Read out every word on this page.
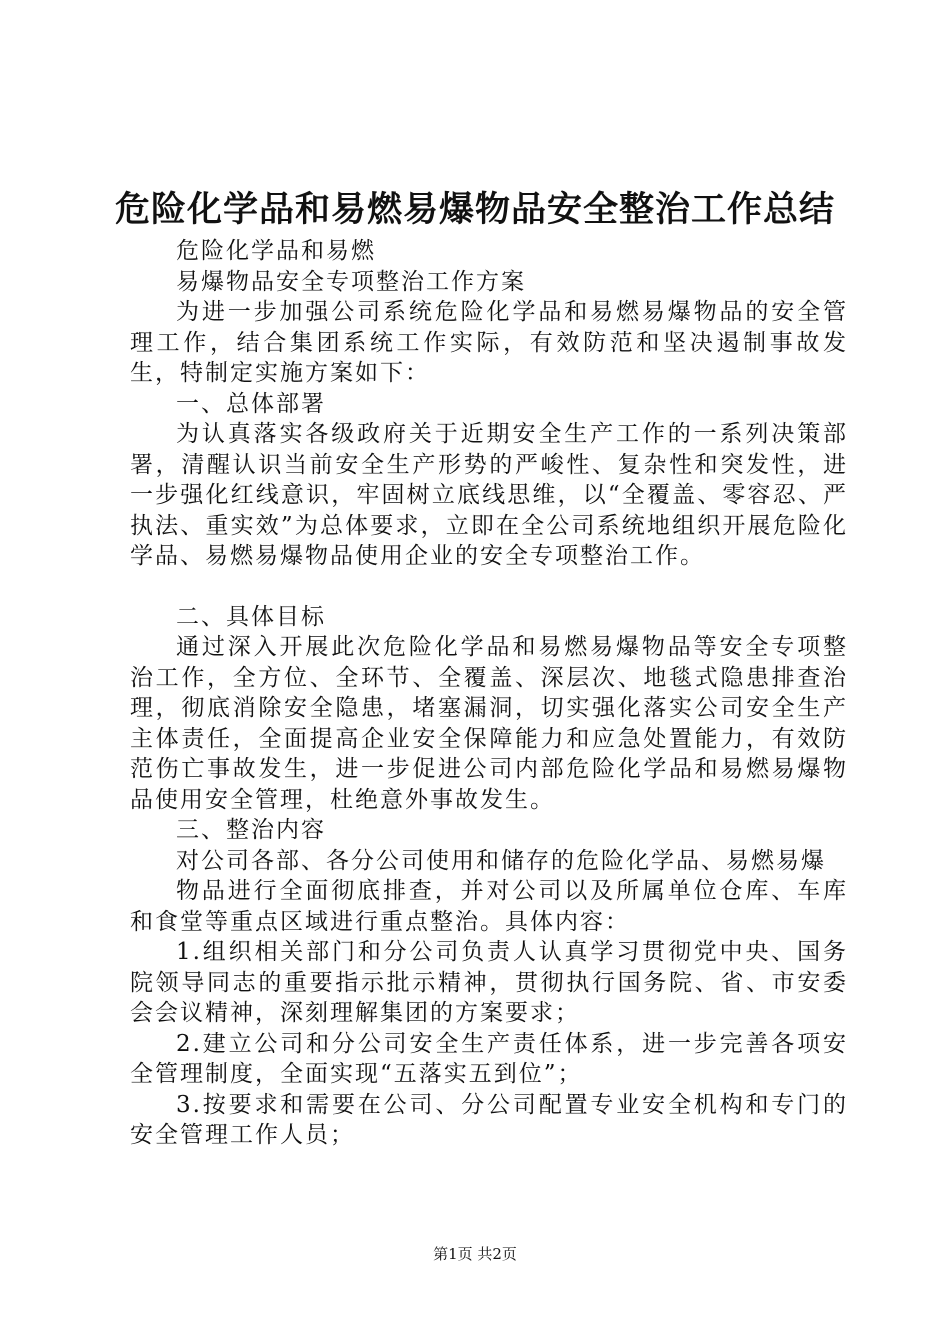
危险化学品和易燃易爆物品安全整治工作总结

危险化学品和易燃

易爆物品安全专项整治工作方案

为进一步加强公司系统危险化学品和易燃易爆物品的安全管理工作，结合集团系统工作实际，有效防范和坚决遏制事故发生，特制定实施方案如下：

一、总体部署

为认真落实各级政府关于近期安全生产工作的一系列决策部署，清醒认识当前安全生产形势的严峻性、复杂性和突发性，进一步强化红线意识，牢固树立底线思维，以“全覆盖、零容忍、严执法、重实效”为总体要求，立即在全公司系统地组织开展危险化学品、易燃易爆物品使用企业的安全专项整治工作。

二、具体目标

通过深入开展此次危险化学品和易燃易爆物品等安全专项整治工作，全方位、全环节、全覆盖、深层次、地毯式隐患排查治理，彻底消除安全隐患，堵塞漏洞，切实强化落实公司安全生产主体责任，全面提高企业安全保障能力和应急处置能力，有效防范伤亡事故发生，进一步促进公司内部危险化学品和易燃易爆物品使用安全管理，杜绝意外事故发生。

三、整治内容

对公司各部、各分公司使用和储存的危险化学品、易燃易爆

物品进行全面彻底排查，并对公司以及所属单位仓库、车库和食堂等重点区域进行重点整治。具体内容：

1.组织相关部门和分公司负责人认真学习贯彻党中央、国务院领导同志的重要指示批示精神，贯彻执行国务院、省、市安委会会议精神，深刻理解集团的方案要求；

2.建立公司和分公司安全生产责任体系，进一步完善各项安全管理制度，全面实现“五落实五到位”；

3.按要求和需要在公司、分公司配置专业安全机构和专门的安全管理工作人员；

第1页 共2页
